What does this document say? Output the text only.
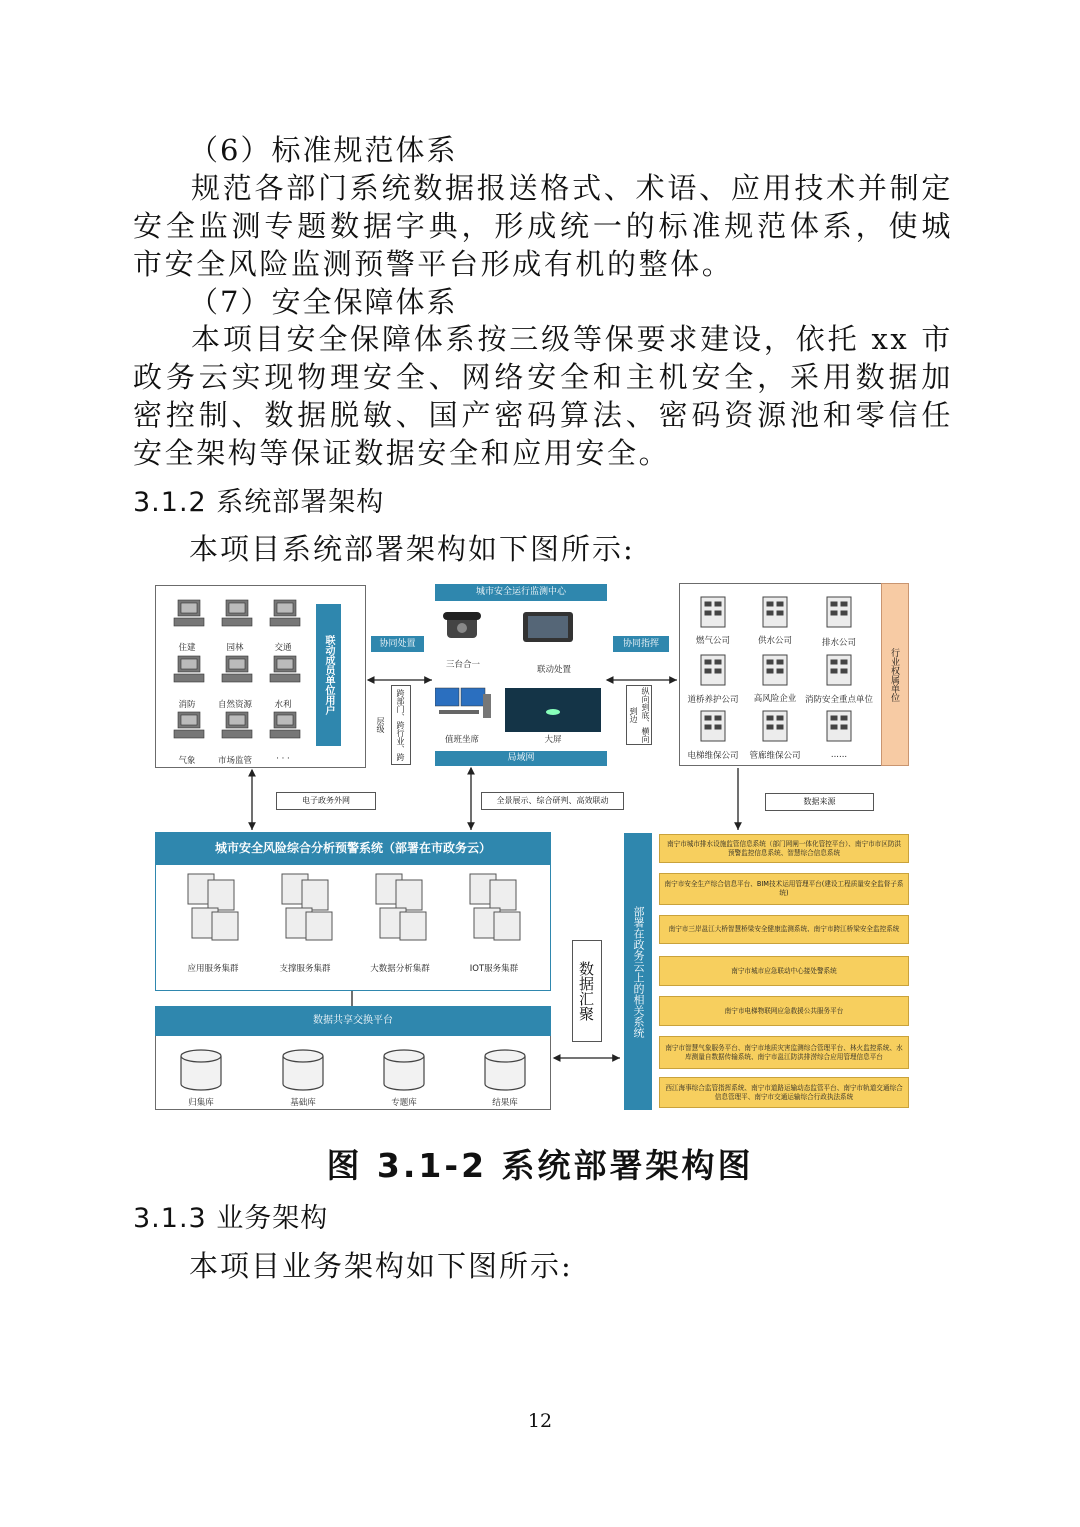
（6）标准规范体系
规范各部门系统数据报送格式、术语、应用技术并制定安全监测专题数据字典，形成统一的标准规范体系，使城市安全风险监测预警平台形成有机的整体。
（7）安全保障体系
本项目安全保障体系按三级等保要求建设，依托 xx 市政务云实现物理安全、网络安全和主机安全，采用数据加密控制、数据脱敏、国产密码算法、密码资源池和零信任安全架构等保证数据安全和应用安全。
3.1.2 系统部署架构
本项目系统部署架构如下图所示:
住建	园林	交通
消防	自然资源	水利
气象	市场监管	· · ·
联动成员单位用户
城市安全运行监测中心
协同处置	协同指挥
三台合一	联动处置
值班坐席	大屏
跨部门、跨行业、跨层级	纵向到底、横向到边
局域网
燃气公司	供水公司	排水公司
道桥养护公司	高风险企业	消防安全重点单位
电梯维保公司	管廊维保公司	......
行业权属单位
电子政务外网	全景展示、综合研判、高效联动	数据来源
城市安全风险综合分析预警系统（部署在市政务云）
应用服务集群	支撑服务集群	大数据分析集群	IOT服务集群
数据共享交换平台
归集库	基础库	专题库	结果库
数据汇聚	部署在政务云上的相关系统
南宁市城市排水设施监管信息系统（部门网闸一体化管控平台）、南宁市市区防洪预警监控信息系统、智慧综合信息系统
南宁市安全生产综合信息平台、BIM技术运用管理平台(建设工程质量安全监督子系统)
南宁市三岸邕江大桥智慧桥梁安全健康监测系统、南宁市跨江桥梁安全监控系统
南宁市城市应急联动中心接处警系统
南宁市电梯物联网应急救援公共服务平台
南宁市智慧气象服务平台、南宁市地质灾害监测综合管理平台、林火监控系统、水库测量自数据传输系统、南宁市邕江防洪排涝综合应用管理信息平台
西江海事综合监管指挥系统、南宁市道路运输动态监管平台、南宁市轨道交通综合信息管理平、南宁市交通运输综合行政执法系统
图 3.1-2 系统部署架构图
3.1.3 业务架构
本项目业务架构如下图所示:
12
